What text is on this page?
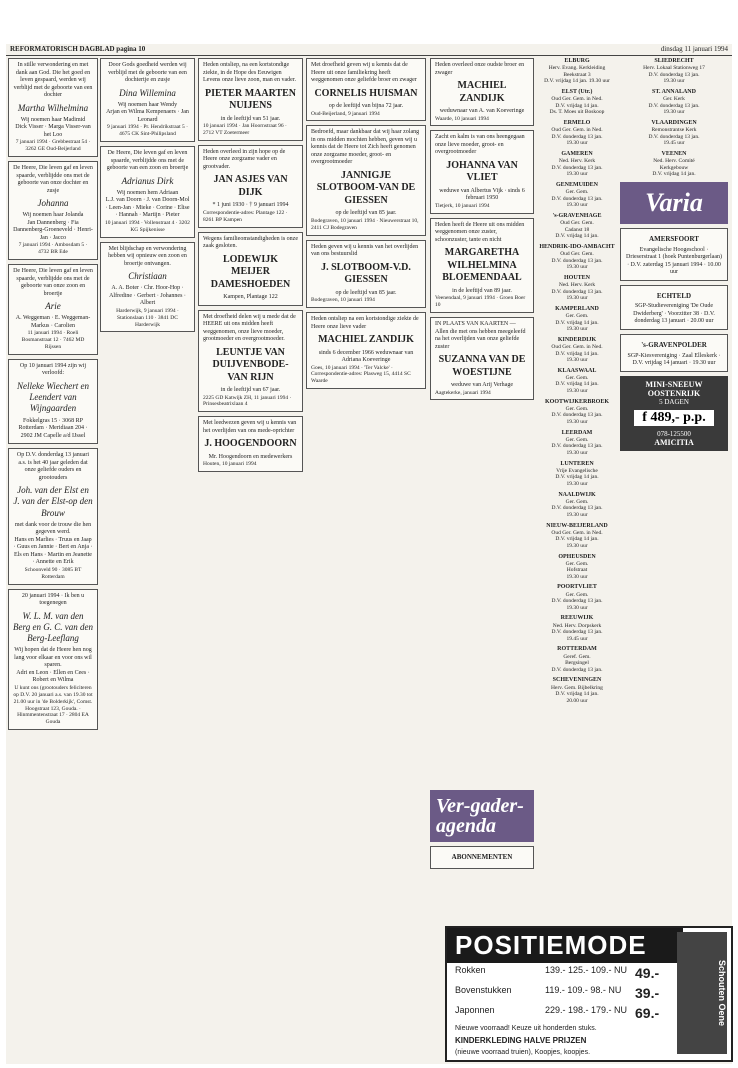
REFORMATORISCH DAGBLAD pagina 10	dinsdag 11 januari 1994
In stille verwondering en met dank aan God. Die het goed en leven gespaard, werden wij verblijd met de geboorte van een dochter
Martha Wilhelmina
Wij noemen haar Madimid
Dick Visser · Marga Visser-van het Loo
7 januari 1994 · Grebbestraat 54 · 3262 GE Oud-Beijerland
De Heere, Die leven gaf en leven spaarde, verblijdde ons met de geboorte van onze dochter en zusje
Johanna
Wij noemen haar Jolanda
Jan Dannenberg · Fia Dannenberg-Groeneveld · Henri-Jan · Jacco
7 januari 1994 · Ambosdam 5 · 4732 BR Ede
De Heere, Die leven gaf en leven spaarde, verblijdde ons met de geboorte van onze zoon en broertje
Arie
A. Weggeman · E. Weggeman-Markus · Carolien
11 januari 1994 · Roeli Bosmanstraat 12 · 7462 MD Rijssen
Op 10 januari 1994 zijn wij verloofd:
Nelleke Wiechert en Leendert van Wijngaarden
Fokkelgras 15 · 3068 RP Rotterdam · Meridiaan 204 · 2902 JM Capelle a/d IJssel
Op D.V. donderdag 13 januari a.s. is het 40 jaar geleden dat onze geliefde ouders en grootouders
Joh. van der Elst en J. van der Elst-op den Brouw
met dank voor de trouw die hen gegeven werd.
Hans en Marlies · Truus en Jaap · Guus en Jannie · Bert en Anja · Els en Hans · Martin en Jeanette · Annette en Erik
Schoonveld 90 · 3085 BT Rotterdam
20 januari 1994 · Ik ben u toegenegen
W. L. M. van den Berg en G. C. van den Berg-Leeflang
Wij hopen dat de Heere hen nog lang voor elkaar en voor ons wil sparen.
Adri en Leon · Ellen en Cees · Robert en Wilma
U kunt ons (grootouders feliciteren op D.V. 20 januari a.s. van 19.30 tot 21.00 uur in 'de Bolderkijk', Comst. Hoogstraat 123, Gouda. · Hinmmentenstraat 17 · 2804 EA Gouda
Door Gods goedheid werden wij verblijd met de geboorte van een dochtertje en zusje
Dina Willemina
Wij noemen haar Wendy
Arjan en Wilma Kempenaers · Jan Leonard
9 januari 1994 · Pr. Hendrikstraat 5 · 4675 CK Sint-Philipsland
De Heere, Die leven gaf en leven spaarde, verblijdde ons met de geboorte van een zoon en broertje
Adrianus Dirk
Wij noemen hem Adriaan
L.J. van Doorn · J. van Doorn-Mol · Leen-Jan · Mieke · Corine · Elise · Hannah · Martijn · Pieter
10 januari 1994 · Vollenstraat 4 · 3202 KG Spijkenisse
Met blijdschap en verwondering hebben wij opnieuw een zoon en broertje ontvangen.
Christiaan
A. A. Boter · Chr. Hoor-Hop · Alfredine · Gerbert · Johannes · Albert
Harderwijk, 9 januari 1994 · Stationslaan 110 · 3841 DC Harderwijk
Heden ontsliep, na een kortstondige ziekte, in de Hope des Eeuwigen Levens onze lieve zoon, man en vader.
PIETER MAARTEN NUIJENS
in de leeftijd van 51 jaar.
10 januari 1994 · Jan Hoornstraat 96 · 2712 VT Zoetermeer
Heden overleed in zijn hope op de Heere onze zorgzame vader en grootvader.
JAN ASJES VAN DIJK
* 1 juni 1930 · † 9 januari 1994
Correspondentie-adres: Plantage 122 · 8261 BP Kampen
Wegens familieomstandigheden is onze zaak gesloten.
LODEWIJK MEIJER DAMESHOEDEN
Kampen, Plantage 122
Met droefheid delen wij u mede dat de HEERE uit ons midden heeft weggenomen, onze lieve moeder, grootmoeder en overgrootmoeder.
LEUNTJE VAN DUIJVENBODE-VAN RIJN
in de leeftijd van 67 jaar.
2225 GD Katwijk ZH, 11 januari 1994 · Prinsesbeatrixlaan 4
Met leedwezen geven wij u kennis van het overlijden van ons mede-oprichter
J. HOOGENDOORN
Mr. Hoogendoorn en medewerkers
Houten, 10 januari 1994
Met droefheid geven wij u kennis dat de Heere uit onze familiekring heeft weggenomen onze geliefde broer en zwager
CORNELIS HUISMAN
op de leeftijd van bijna 72 jaar.
Oud-Beijerland, 9 januari 1994
Bedroefd, maar dankbaar dat wij haar zolang in ons midden mochten hebben, geven wij u kennis dat de Heere tot Zich heeft genomen onze zorgzame moeder, groot- en overgrootmoeder
JANNIGJE SLOTBOOM-VAN DE GIESSEN
op de leeftijd van 85 jaar.
Bodegraven, 10 januari 1994 · Nieuwerstraat 10, 2411 CJ Bodegraven
Heden geven wij u kennis van het overlijden van ons bestuurslid
J. SLOTBOOM-V.D. GIESSEN
op de leeftijd van 85 jaar.
Bodegraven, 10 januari 1994
Heden ontsliep na een kortstondige ziekte de Heere onze lieve vader
MACHIEL ZANDIJK
sinds 6 december 1966 weduwnaar van Adriana Koeveringe
Goes, 10 januari 1994 · 'Ter Valcke' · Correspondentie-adres: Plasweg 15, 4414 SC Waarde
Heden overleed onze oudste broer en zwager
MACHIEL ZANDIJK
weduwnaar van A. van Koeveringe
Waarde, 10 januari 1994
Zacht en kalm is van ons heengegaan onze lieve moeder, groot- en overgrootmoeder
JOHANNA VAN VLIET
weduwe van Albertus Vijk · sinds 6 februari 1950
Tietjerk, 10 januari 1994
Heden heeft de Heere uit ons midden weggenomen onze zuster, schoonzuster, tante en nicht
MARGARETHA WILHELMINA BLOEMENDAAL
in de leeftijd van 89 jaar.
Veenendaal, 9 januari 1994 · Groen Boer 10
IN PLAATS VAN KAARTEN — Allen die met ons hebben meegeleefd na het overlijden van onze geliefde zuster
SUZANNA VAN DE WOESTIJNE
weduwe van Arij Verhage
Aagtekerke, januari 1994
ELBURG
Herv. Evang. Kerkleiding
Beekstraat 3
D.V. vrijdag 14 jan. 19.30 uur
ELST (Utr.)
Oud Ger. Gem. in Ned.
D.V. vrijdag 14 jan.
Ds. T. Moes uit Boskoop
ERMELO
Oud Ger. Gem. in Ned.
D.V. donderdag 13 jan.
19.30 uur
GAMEREN
Ned. Herv. Kerk
D.V. donderdag 13 jan.
19.30 uur
GENEMUIDEN
Ger. Gem.
D.V. donderdag 13 jan.
19.30 uur
's-GRAVENHAGE
Oud Ger. Gem.
Cadanst 18
D.V. vrijdag 14 jan.
HENDRIK-IDO-AMBACHT
Oud Ger. Gem.
D.V. donderdag 13 jan.
19.30 uur
HOUTEN
Ned. Herv. Kerk
D.V. donderdag 13 jan.
19.30 uur
KAMPERLAND
Ger. Gem.
D.V. vrijdag 14 jan.
19.30 uur
KINDERDIJK
Oud Ger. Gem. in Ned.
D.V. vrijdag 14 jan.
19.30 uur
KLAASWAAL
Ger. Gem.
D.V. vrijdag 14 jan.
19.30 uur
KOOTWIJKERBROEK
Ger. Gem.
D.V. donderdag 13 jan.
19.30 uur
LEERDAM
Ger. Gem.
D.V. donderdag 13 jan.
19.30 uur
LUNTEREN
Vrije Evangelische
D.V. vrijdag 14 jan.
19.30 uur
NAALDWIJK
Ger. Gem.
D.V. donderdag 13 jan.
19.30 uur
NIEUW-BEIJERLAND
Oud Ger. Gem. in Ned.
D.V. vrijdag 14 jan.
19.30 uur
OPHEUSDEN
Ger. Gem.
Hofstraat
19.30 uur
POORTVLIET
Ger. Gem.
D.V. donderdag 13 jan.
19.30 uur
REEUWIJK
Ned. Herv. Dorpskerk
D.V. donderdag 13 jan.
19.45 uur
ROTTERDAM
Geref. Gem.
Bergsingel
D.V. donderdag 13 jan.
SCHEVENINGEN
Herv. Gem. Bijbelkring
D.V. vrijdag 14 jan.
20.00 uur
SLIEDRECHT
Herv. Lokaal Stationweg 17
D.V. donderdag 13 jan.
19.30 uur
ST. ANNALAND
Ger. Kerk
D.V. donderdag 13 jan.
19.30 uur
VLAARDINGEN
Remonstrantse Kerk
D.V. donderdag 13 jan.
19.45 uur
VEENEN
Ned. Herv. Comité
Kerkgebouw
D.V. vrijdag 14 jan.
Varia
AMERSFOORT
Evangelische Hoogeschool · Drieserstraat 1 (hoek Puntenburgerlaan) · D.V. zaterdag 15 januari 1994 · 10.00 uur
ECHTELD
SGP-Studievereniging 'De Oude Dwiderberg' · Voorzitter 38 · D.V. donderdag 13 januari · 20.00 uur
's-GRAVENPOLDER
SGP-Kiesvereniging · Zaal Elleskerk · D.V. vrijdag 14 januari · 19.30 uur
MINI-SNEEUW OOSTENRIJK
5 DAGEN
f 489,- p.p.
078-125500
AMICITIA
Ver-gader-agenda
ABONNEMENTEN
POSITIEMODE
Rokken	139.- 125.- 109.- NU 49.-
Bovenstukken	119.- 109.- 98.- NU 39.-
Japonnen	229.- 198.- 179.- NU 69.-
Nieuwe voorraad! Keuze uit honderden stuks.
KINDERKLEDING HALVE PRIJZEN
(nieuwe voorraad truien), Koopjes, koopjes.
Schouten Oene
